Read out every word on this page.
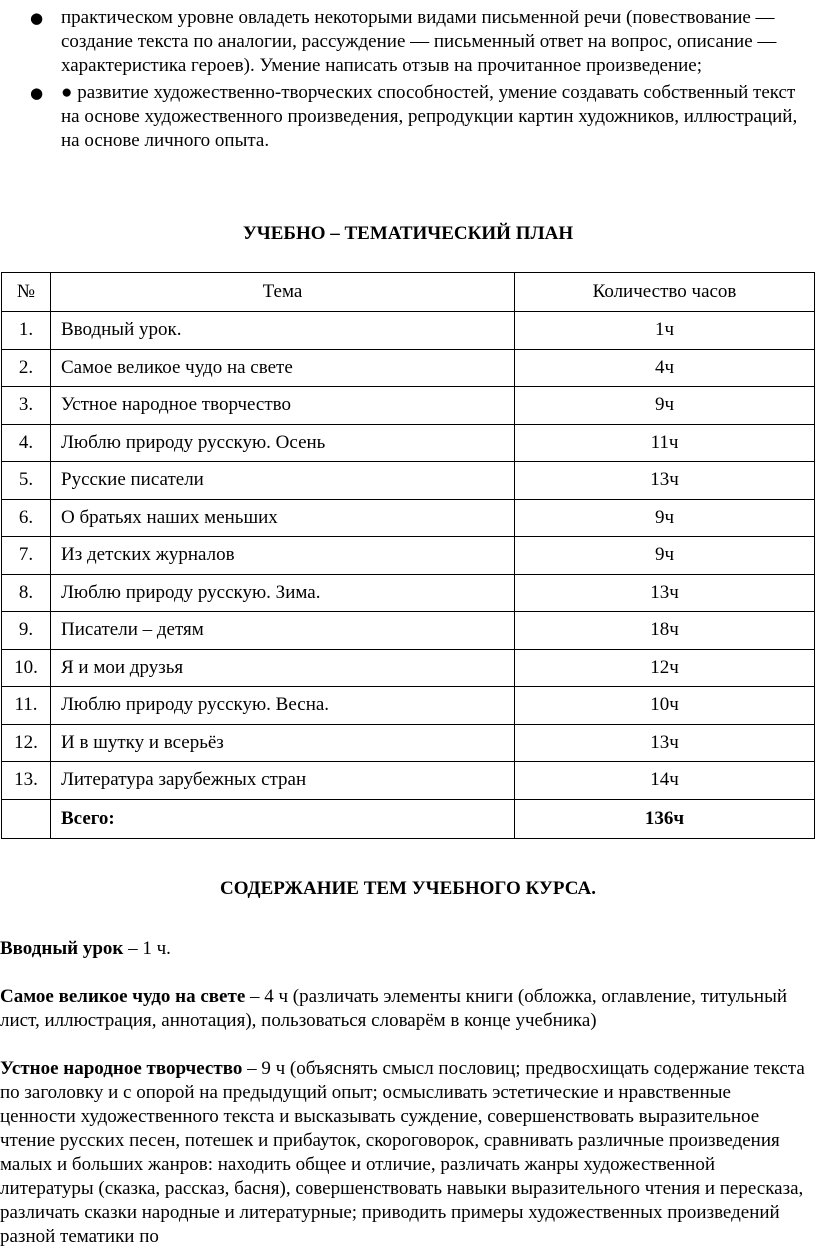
● практическом уровне овладеть некоторыми видами письменной речи (повествование — создание текста по аналогии, рассуждение — письменный ответ на вопрос, описание — характеристика героев). Умение написать отзыв на прочитанное произведение;
● ● развитие художественно-творческих способностей, умение создавать собственный текст на основе художественного произведения, репродукции картин художников, иллюстраций, на основе личного опыта.
УЧЕБНО – ТЕМАТИЧЕСКИЙ ПЛАН
№	Тема	Количество часов
1.	Вводный урок.	1ч
2.	Самое великое чудо на свете	4ч
3.	Устное народное творчество	9ч
4.	Люблю природу русскую. Осень	11ч
5.	Русские писатели	13ч
6.	О братьях наших меньших	9ч
7.	Из детских журналов	9ч
8.	Люблю природу русскую. Зима.	13ч
9.	Писатели – детям	18ч
10.	Я и мои друзья	12ч
11.	Люблю природу русскую. Весна.	10ч
12.	И в шутку и всерьёз	13ч
13.	Литература зарубежных стран	14ч
	Всего:	136ч
СОДЕРЖАНИЕ ТЕМ УЧЕБНОГО КУРСА.

Вводный урок – 1 ч.

Самое великое чудо на свете – 4 ч (различать элементы книги (обложка, оглавление, титульный лист, иллюстрация, аннотация), пользоваться словарём в конце учебника)

Устное народное творчество – 9 ч (объяснять смысл пословиц; предвосхищать содержание текста по заголовку и с опорой на предыдущий опыт; осмысливать эстетические и нравственные ценности художественного текста и высказывать суждение, совершенствовать выразительное чтение русских песен, потешек и прибауток, скороговорок, сравнивать различные произведения малых и больших жанров: находить общее и отличие, различать жанры художественной литературы (сказка, рассказ, басня), совершенствовать навыки выразительного чтения и пересказа, различать сказки народные и литературные; приводить примеры художественных произведений разной тематики по
